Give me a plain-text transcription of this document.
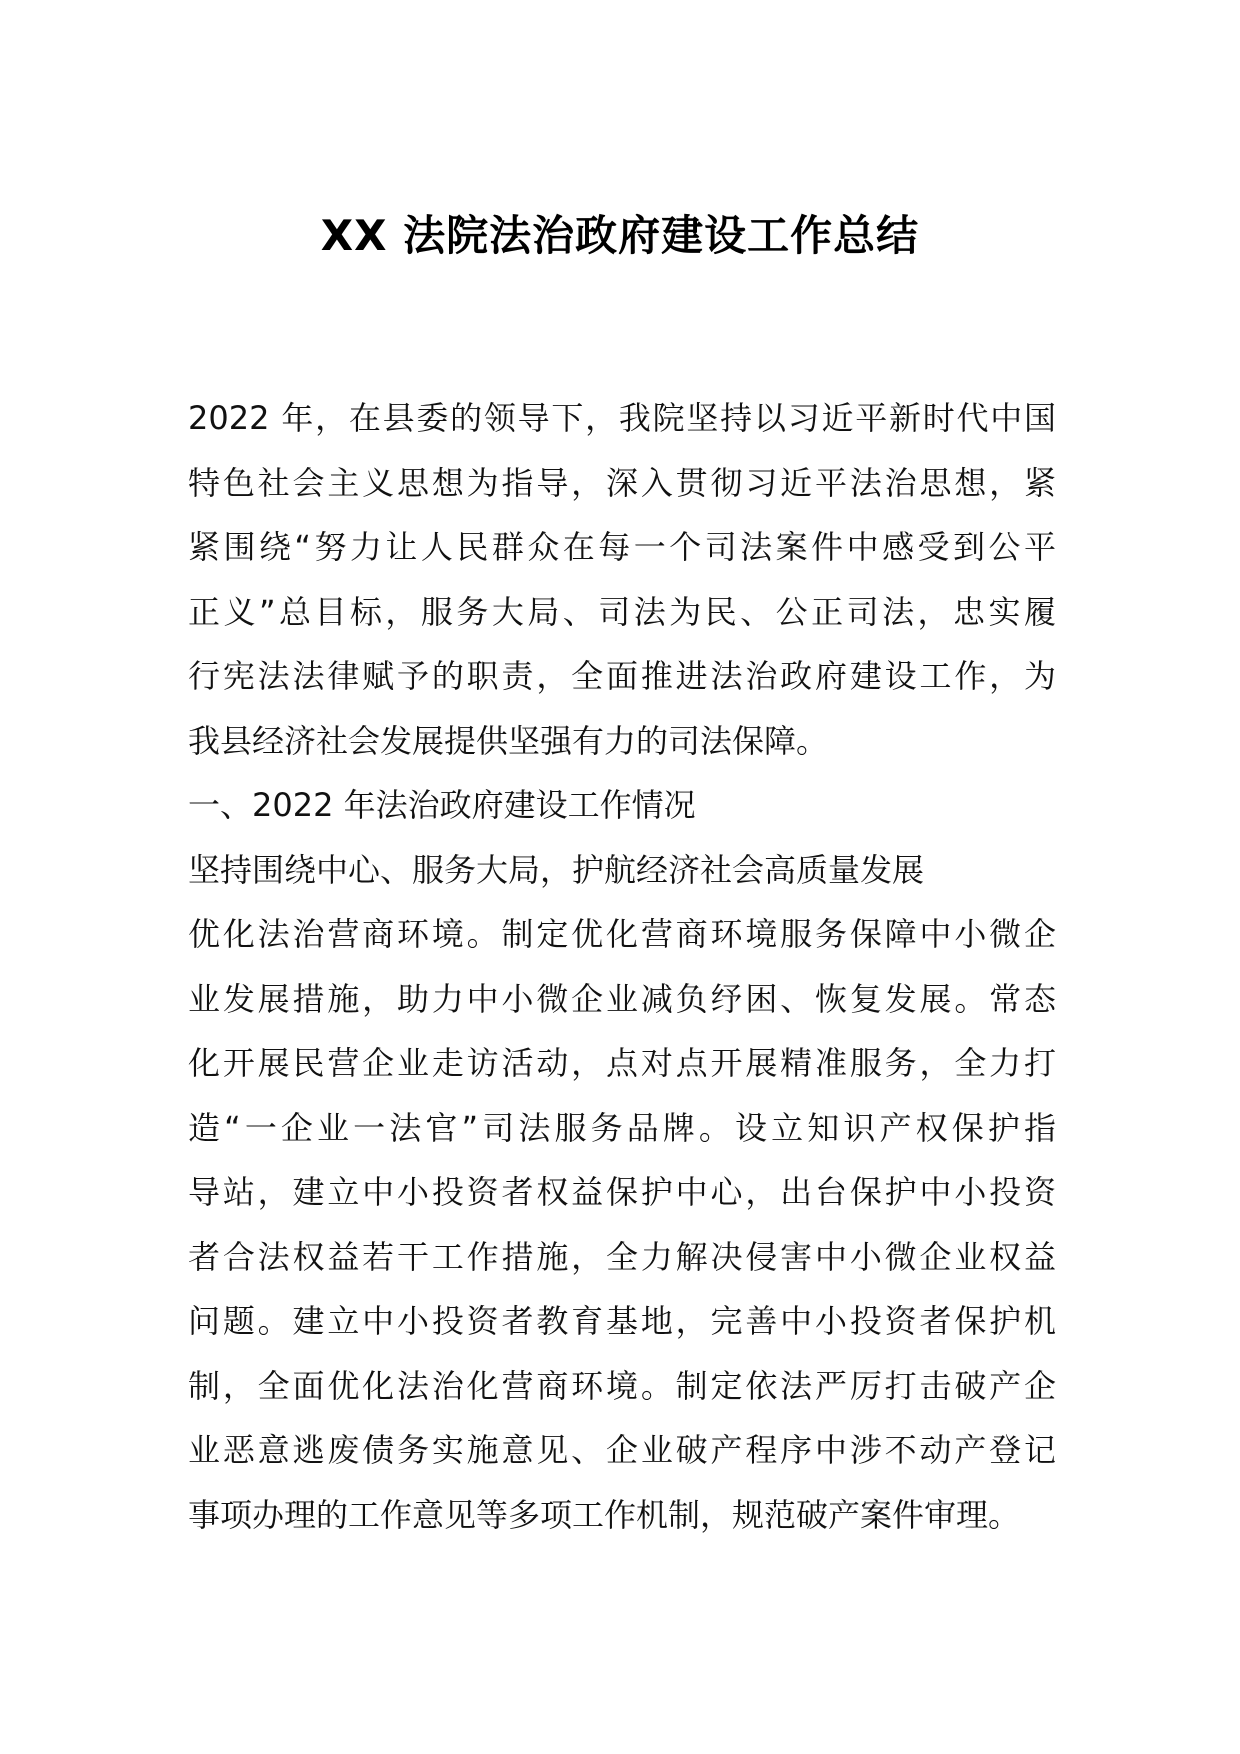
XX 法院法治政府建设工作总结
2022 年，在县委的领导下，我院坚持以习近平新时代中国
特色社会主义思想为指导，深入贯彻习近平法治思想，紧
紧围绕“努力让人民群众在每一个司法案件中感受到公平
正义”总目标，服务大局、司法为民、公正司法，忠实履
行宪法法律赋予的职责，全面推进法治政府建设工作，为
我县经济社会发展提供坚强有力的司法保障。
一、2022 年法治政府建设工作情况
坚持围绕中心、服务大局，护航经济社会高质量发展
优化法治营商环境。制定优化营商环境服务保障中小微企
业发展措施，助力中小微企业减负纾困、恢复发展。常态
化开展民营企业走访活动，点对点开展精准服务，全力打
造“一企业一法官”司法服务品牌。设立知识产权保护指
导站，建立中小投资者权益保护中心，出台保护中小投资
者合法权益若干工作措施，全力解决侵害中小微企业权益
问题。建立中小投资者教育基地，完善中小投资者保护机
制，全面优化法治化营商环境。制定依法严厉打击破产企
业恶意逃废债务实施意见、企业破产程序中涉不动产登记
事项办理的工作意见等多项工作机制，规范破产案件审理。
